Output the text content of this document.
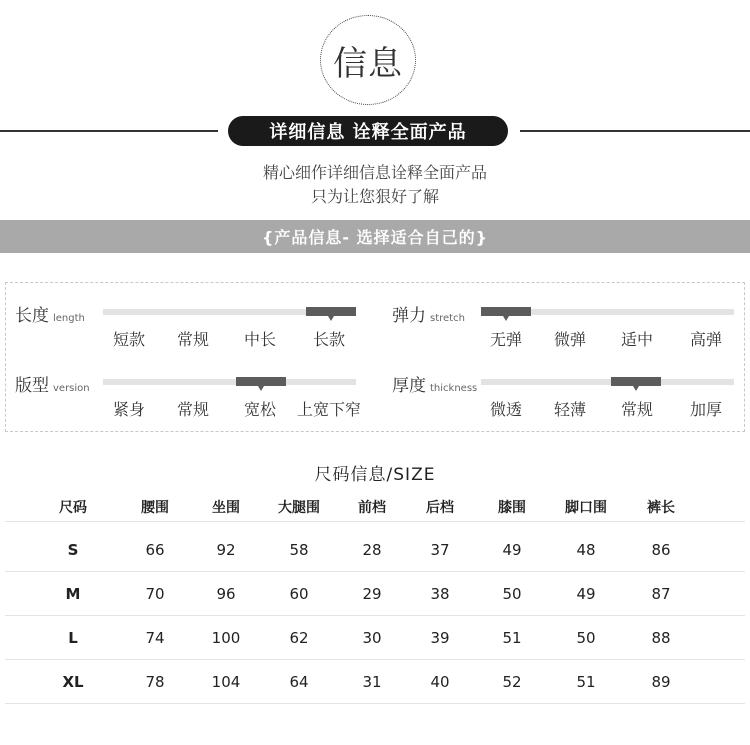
信息
详细信息 诠释全面产品
精心细作详细信息诠释全面产品
只为让您狠好了解
{产品信息- 选择适合自己的}
长度 length
短款 常规 中长 长款
弹力 stretch
无弹 微弹 适中 高弹
版型 version
紧身 常规 宽松 上宽下窄
厚度 thickness
微透 轻薄 常规 加厚
尺码信息/SIZE
尺码	腰围	坐围	大腿围	前档	后档	膝围	脚口围	裤长
S	66	92	58	28	37	49	48	86
M	70	96	60	29	38	50	49	87
L	74	100	62	30	39	51	50	88
XL	78	104	64	31	40	52	51	89
